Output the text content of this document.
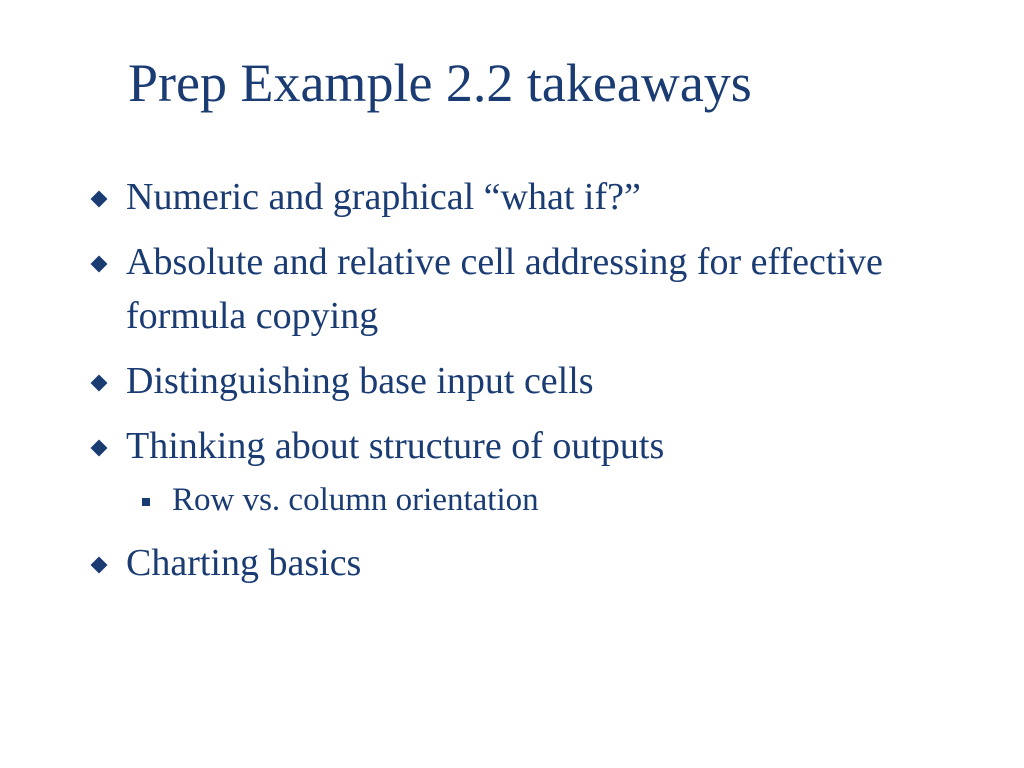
Prep Example 2.2 takeaways
Numeric and graphical “what if?”
Absolute and relative cell addressing for effective formula copying
Distinguishing base input cells
Thinking about structure of outputs
Row vs. column orientation
Charting basics
